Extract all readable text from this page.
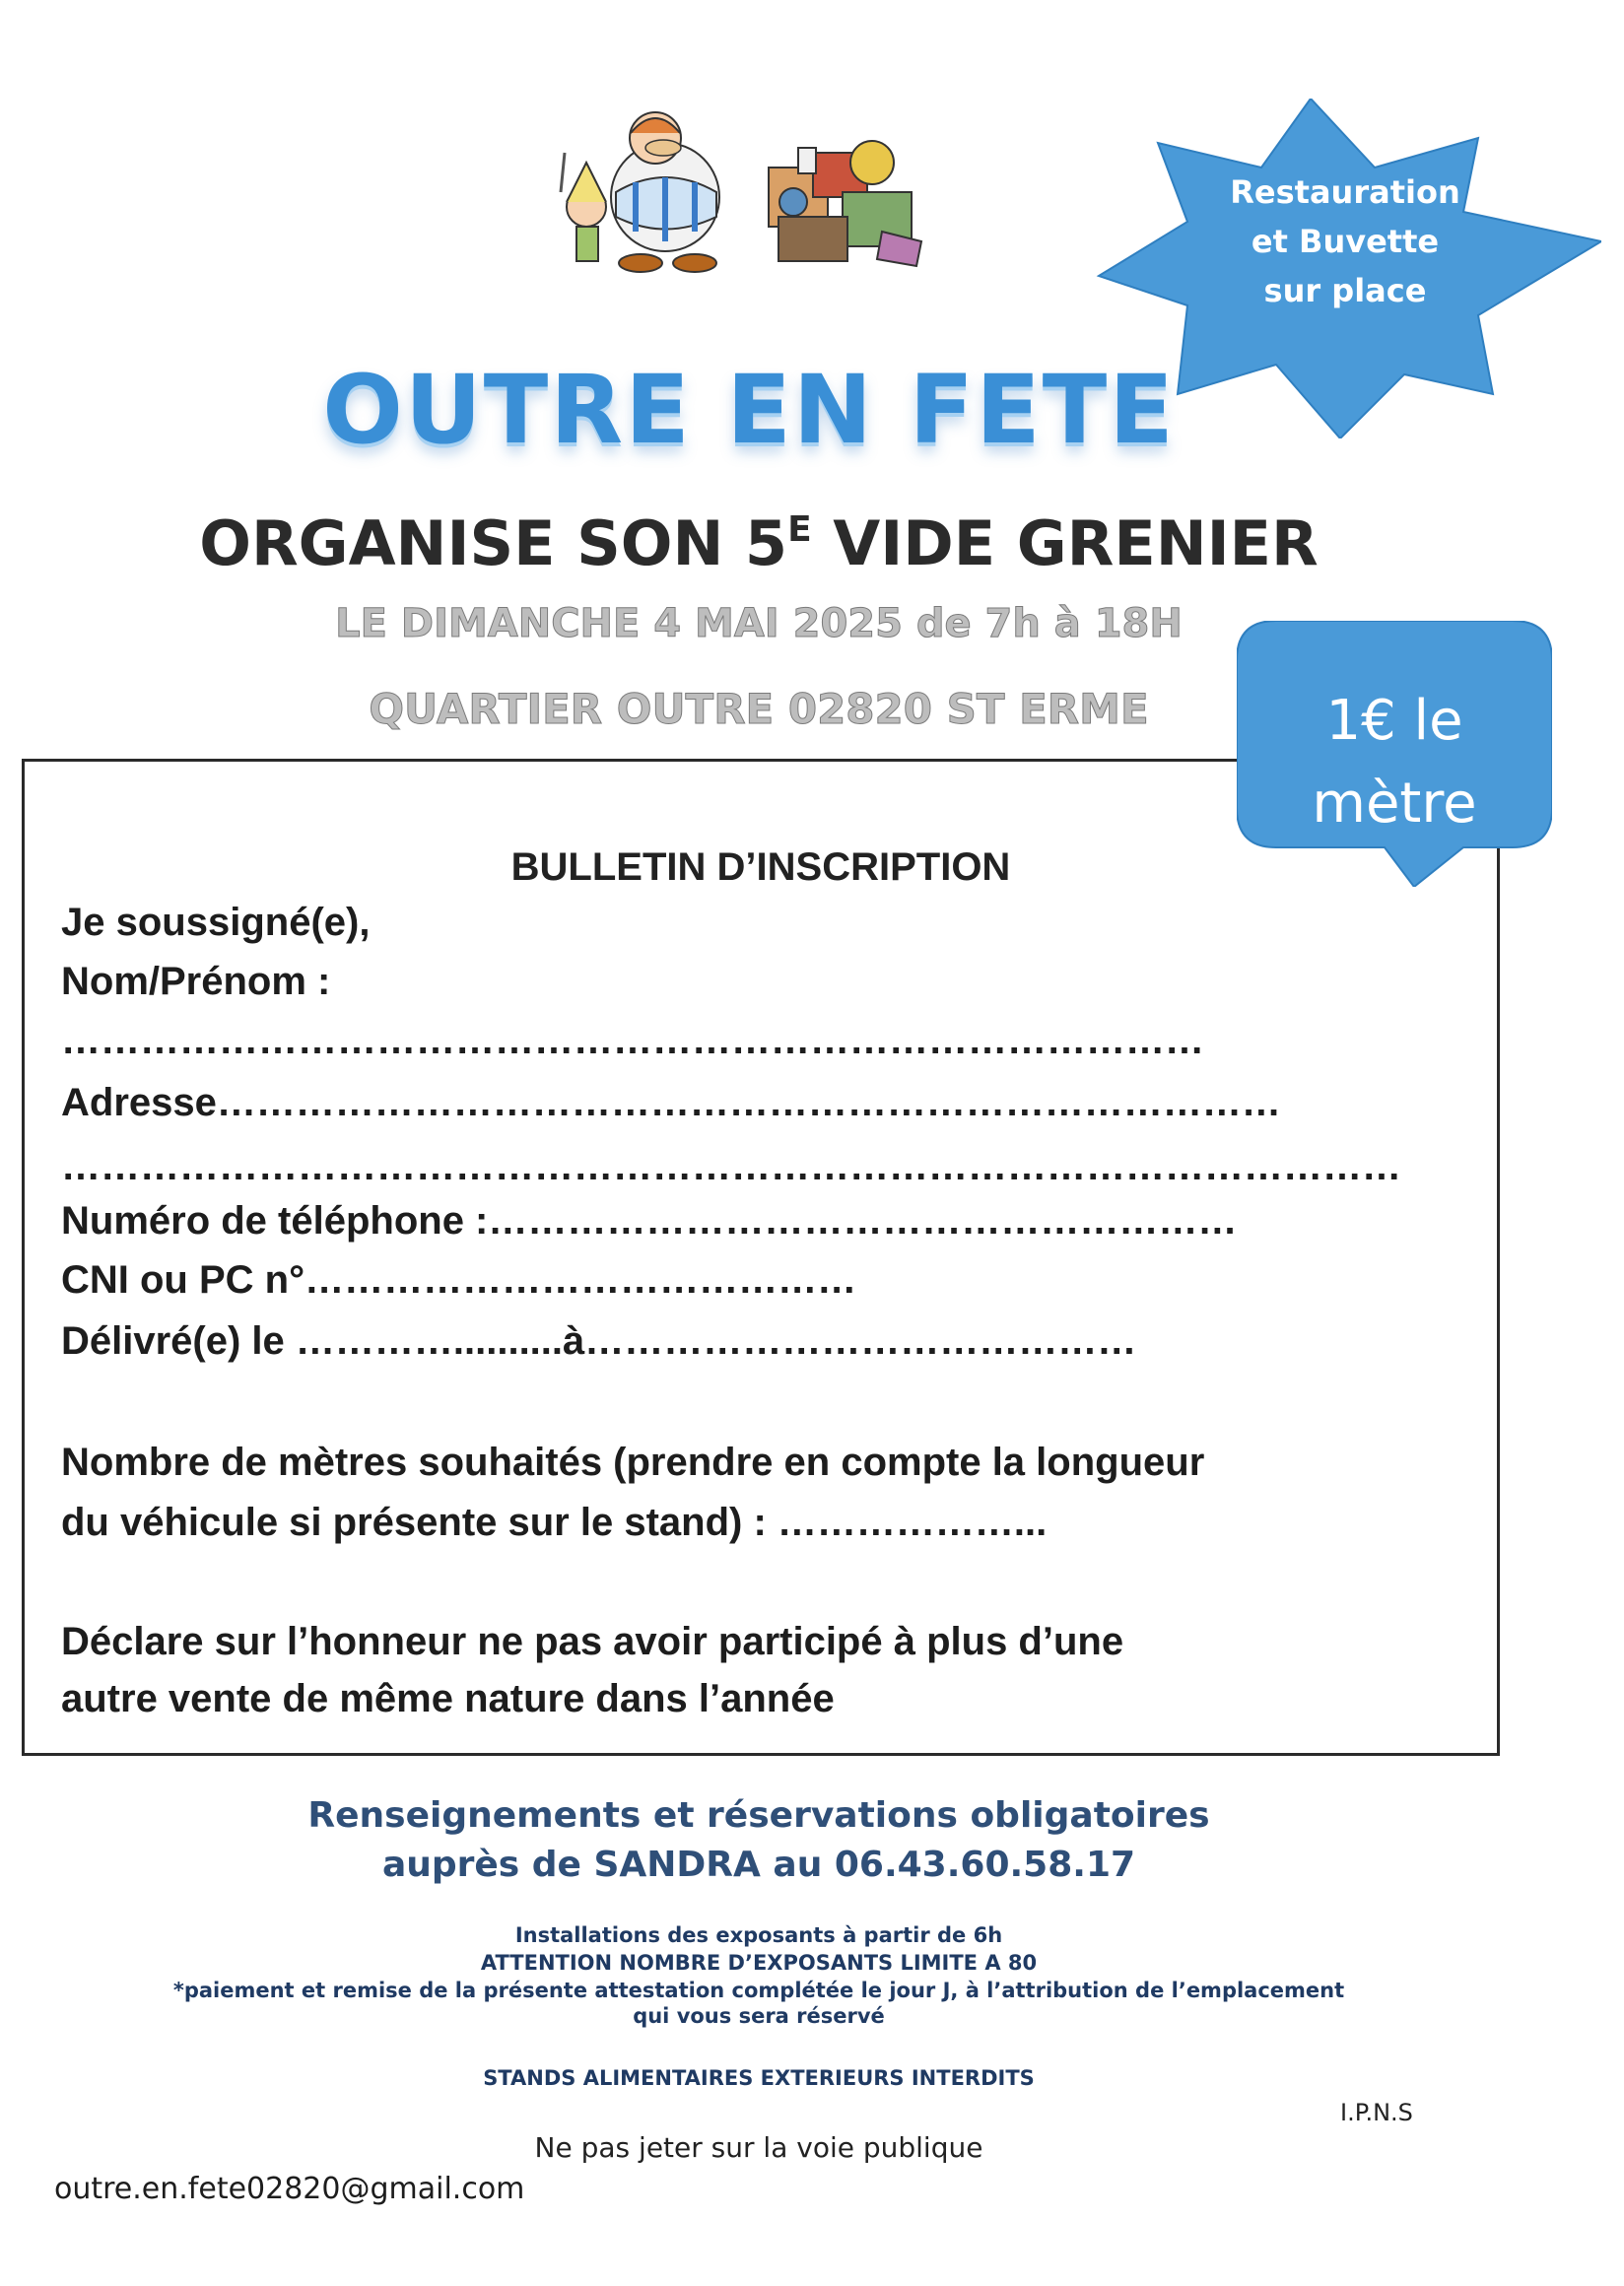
Restauration
et Buvette
sur place
OUTRE EN FETE
ORGANISE SON $5^E$ VIDE GRENIER
LE DIMANCHE 4 MAI 2025 de 7h à 18H
QUARTIER OUTRE 02820 ST ERME	1€ le
mètre
BULLETIN D’INSCRIPTION
Je soussigné(e),
Nom/Prénom :
……………………………………………………………………………
Adresse………………………………………………………………………
…………………………………………………………………………………………
Numéro de téléphone :…………………………………………………
CNI ou PC n°……………………………………
Délivré(e) le …………..........à……………………………………
Nombre de mètres souhaités (prendre en compte la longueur
du véhicule si présente sur le stand) : ………………...
Déclare sur l’honneur ne pas avoir participé à plus d’une
autre vente de même nature dans l’année
Renseignements et réservations obligatoires
auprès de SANDRA au 06.43.60.58.17
Installations des exposants à partir de 6h
ATTENTION NOMBRE D’EXPOSANTS LIMITE A 80
*paiement et remise de la présente attestation complétée le jour J, à l’attribution de l’emplacement
qui vous sera réservé
STANDS ALIMENTAIRES EXTERIEURS INTERDITS
I.P.N.S
Ne pas jeter sur la voie publique
outre.en.fete02820@gmail.com
